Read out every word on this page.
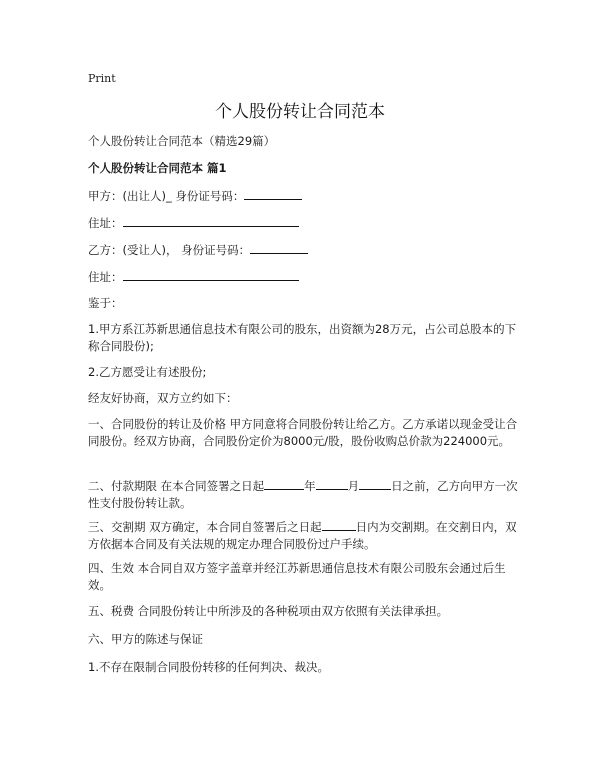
Print
个人股份转让合同范本
个人股份转让合同范本（精选29篇）
个人股份转让合同范本 篇1
甲方：(出让人)_ 身份证号码：
住址：
乙方：(受让人)， 身份证号码：
住址：
鉴于：
1.甲方系江苏新思通信息技术有限公司的股东，出资额为28万元，占公司总股本的下称合同股份);
2.乙方愿受让有述股份;
经友好协商，双方立约如下：
一、合同股份的转让及价格 甲方同意将合同股份转让给乙方。乙方承诺以现金受让合同股份。经双方协商，合同股份定价为8000元/股，股份收购总价款为224000元。
二、付款期限 在本合同签署之日起	年	月	日之前，乙方向甲方一次性支付股份转让款。
三、交割期 双方确定，本合同自签署后之日起	日内为交割期。在交割日内，双方依据本合同及有关法规的规定办理合同股份过户手续。
四、生效 本合同自双方签字盖章并经江苏新思通信息技术有限公司股东会通过后生效。
五、税费 合同股份转让中所涉及的各种税项由双方依照有关法律承担。
六、甲方的陈述与保证
1.不存在限制合同股份转移的任何判决、裁决。
